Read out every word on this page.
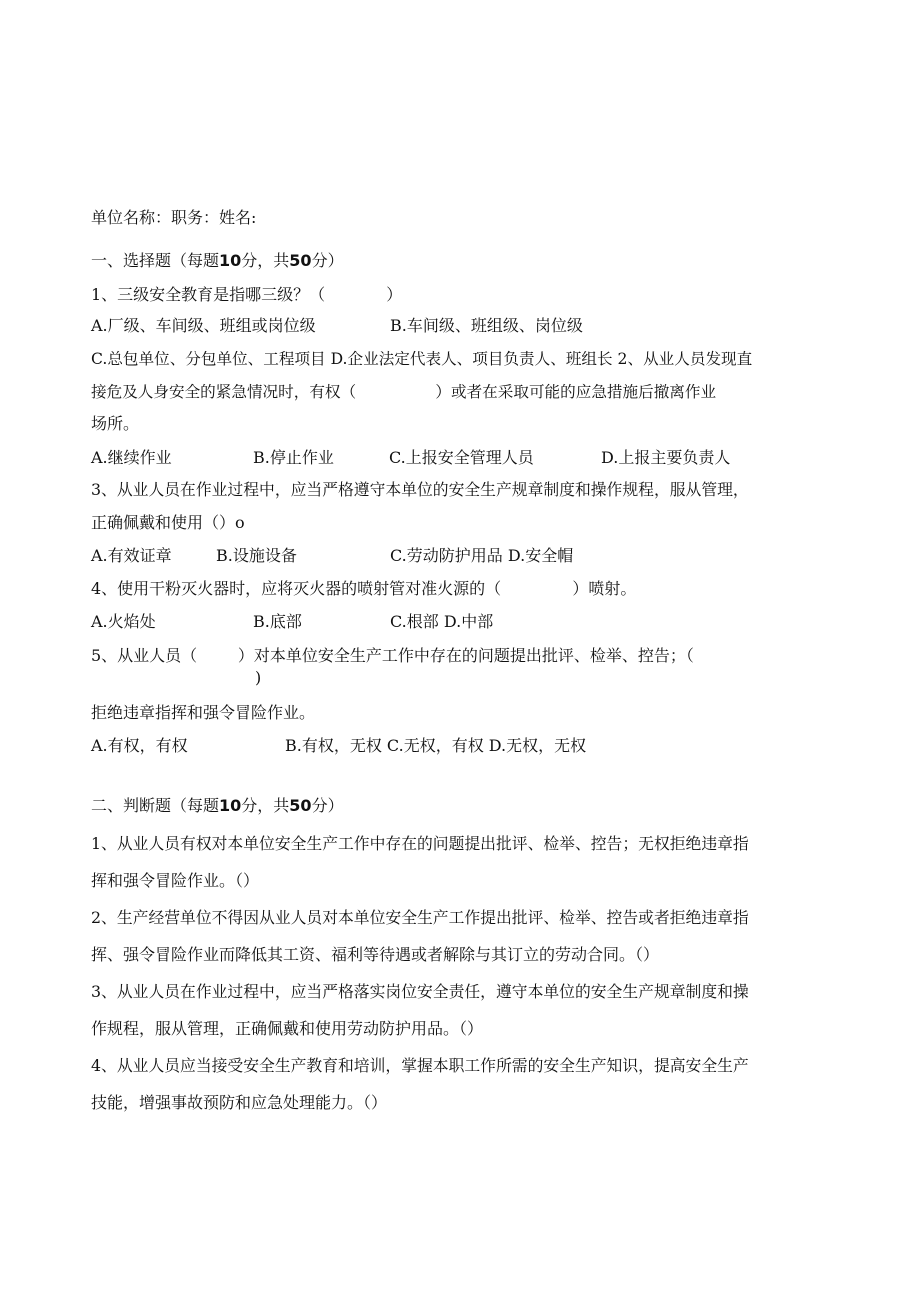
单位名称：职务：姓名:
一、选择题（每题10分，共50分）
1、三级安全教育是指哪三级？（            ）
A.厂级、车间级、班组或岗位级	B.车间级、班组级、岗位级
C.总包单位、分包单位、工程项目 D.企业法定代表人、项目负责人、班组长 2、从业人员发现直
接危及人身安全的紧急情况时，有权（                ）或者在采取可能的应急措施后撤离作业
场所。
A.继续作业	B.停止作业	C.上报安全管理人员	D.上报主要负责人
3、从业人员在作业过程中，应当严格遵守本单位的安全生产规章制度和操作规程，服从管理，
正确佩戴和使用（）o
A.有效证章	B.设施设备	C.劳动防护用品 D.安全帽
4、使用干粉灭火器时，应将灭火器的喷射管对准火源的（              ）喷射。
A.火焰处	B.底部	C.根部 D.中部
5、从业人员（        ）对本单位安全生产工作中存在的问题提出批评、检举、控告；（
)
拒绝违章指挥和强令冒险作业。
A.有权，有权	B.有权，无权 C.无权，有权 D.无权，无权
二、判断题（每题10分，共50分）
1、从业人员有权对本单位安全生产工作中存在的问题提出批评、检举、控告；无权拒绝违章指
挥和强令冒险作业。（）
2、生产经营单位不得因从业人员对本单位安全生产工作提出批评、检举、控告或者拒绝违章指
挥、强令冒险作业而降低其工资、福利等待遇或者解除与其订立的劳动合同。（）
3、从业人员在作业过程中，应当严格落实岗位安全责任，遵守本单位的安全生产规章制度和操
作规程，服从管理，正确佩戴和使用劳动防护用品。（）
4、从业人员应当接受安全生产教育和培训，掌握本职工作所需的安全生产知识，提高安全生产
技能，增强事故预防和应急处理能力。（）
